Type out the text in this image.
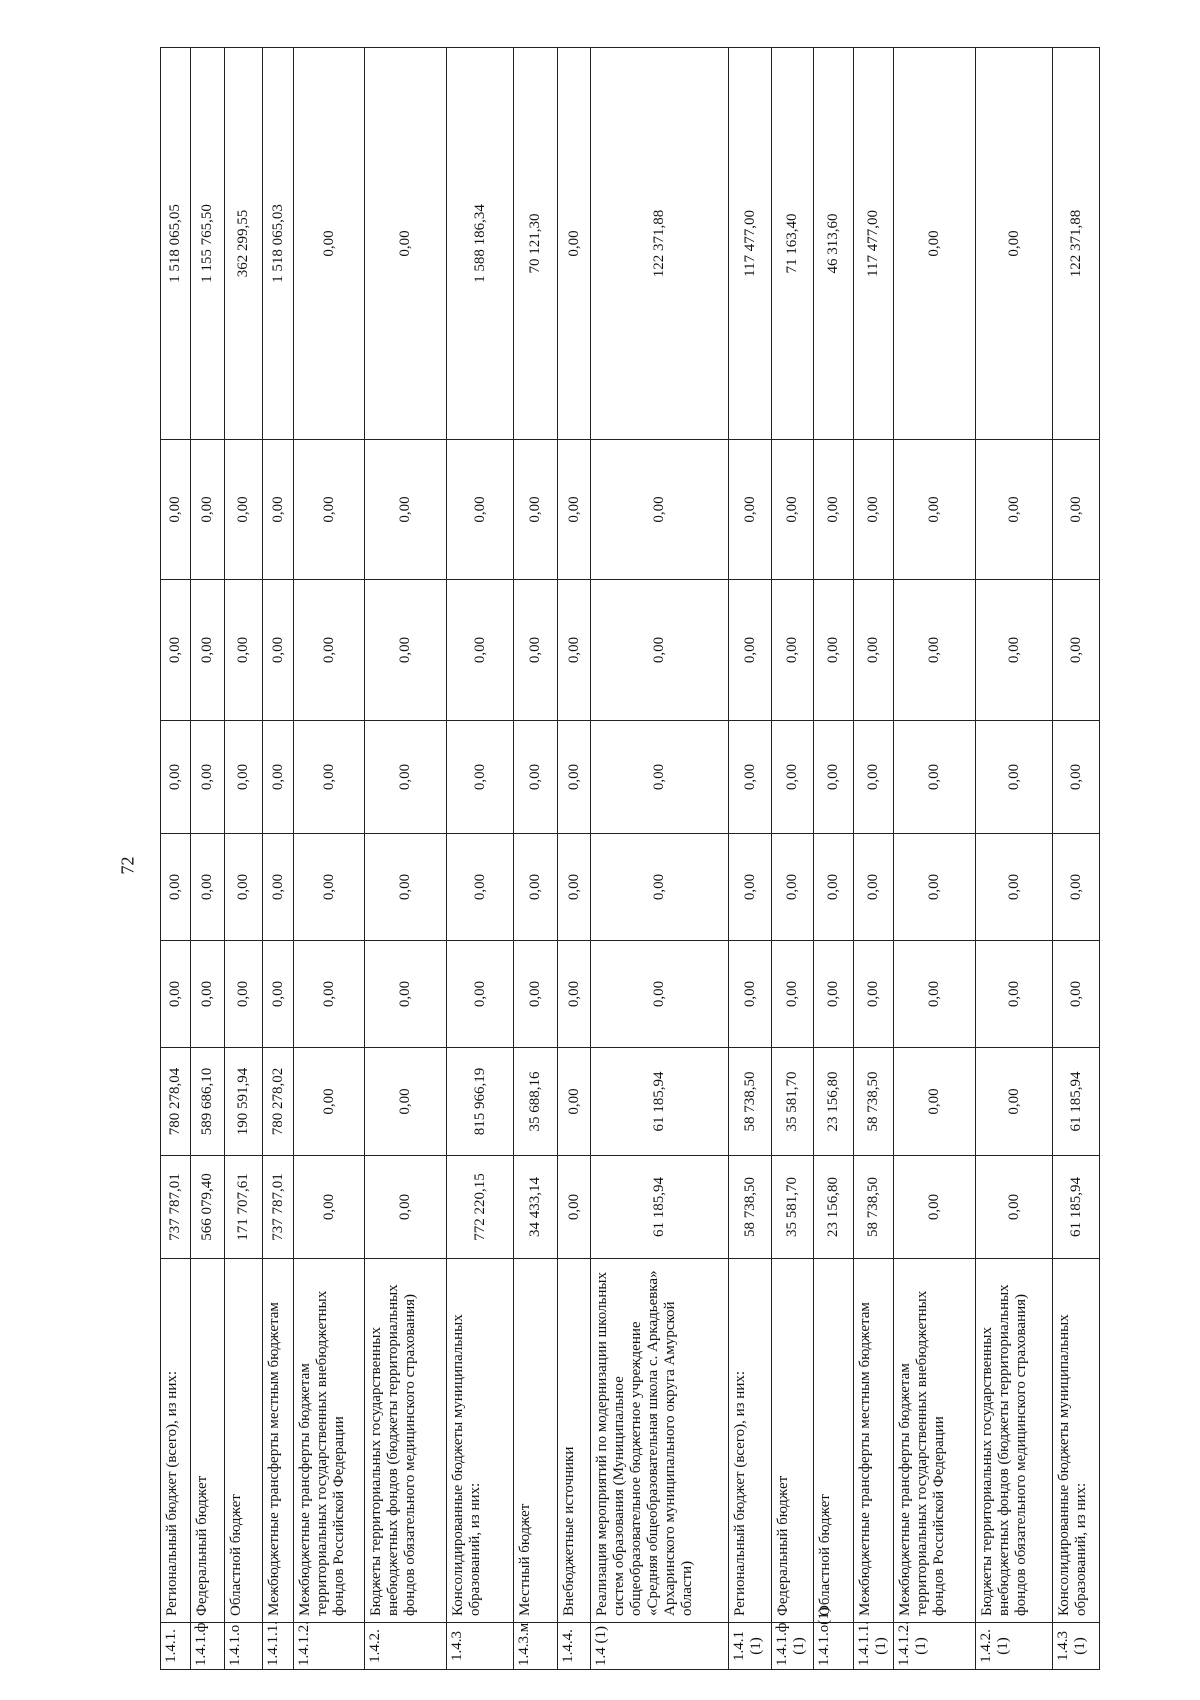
72
1.4.1.	Региональный бюджет (всего), из них:	737 787,01	780 278,04	0,00	0,00	0,00	0,00	0,00	1 518 065,05
1.4.1.ф	Федеральный бюджет	566 079,40	589 686,10	0,00	0,00	0,00	0,00	0,00	1 155 765,50
1.4.1.о	Областной бюджет	171 707,61	190 591,94	0,00	0,00	0,00	0,00	0,00	362 299,55
1.4.1.1.	Межбюджетные трансферты местным бюджетам	737 787,01	780 278,02	0,00	0,00	0,00	0,00	0,00	1 518 065,03
1.4.1.2.	Межбюджетные трансферты бюджетам территориальных государственных внебюджетных фондов Российской Федерации	0,00	0,00	0,00	0,00	0,00	0,00	0,00	0,00
1.4.2.	Бюджеты территориальных государственных внебюджетных фондов (бюджеты территориальных фондов обязательного медицинского страхования)	0,00	0,00	0,00	0,00	0,00	0,00	0,00	0,00
1.4.3	Консолидированные бюджеты муниципальных образований, из них:	772 220,15	815 966,19	0,00	0,00	0,00	0,00	0,00	1 588 186,34
1.4.3.м	Местный бюджет	34 433,14	35 688,16	0,00	0,00	0,00	0,00	0,00	70 121,30
1.4.4.	Внебюджетные источники	0,00	0,00	0,00	0,00	0,00	0,00	0,00	0,00
1.4 (1)	Реализация мероприятий по модернизации школьных систем образования (Муниципальное общеобразовательное бюджетное учреждение «Средняя общеобразовательная школа с. Аркадьевка» Архаринского муниципального округа Амурской области)	61 185,94	61 185,94	0,00	0,00	0,00	0,00	0,00	122 371,88
1.4.1 (1)	Региональный бюджет (всего), из них:	58 738,50	58 738,50	0,00	0,00	0,00	0,00	0,00	117 477,00
1.4.1.ф (1)	Федеральный бюджет	35 581,70	35 581,70	0,00	0,00	0,00	0,00	0,00	71 163,40
1.4.1.о(1)	Областной бюджет	23 156,80	23 156,80	0,00	0,00	0,00	0,00	0,00	46 313,60
1.4.1.1.(1)	Межбюджетные трансферты местным бюджетам	58 738,50	58 738,50	0,00	0,00	0,00	0,00	0,00	117 477,00
1.4.1.2.(1)	Межбюджетные трансферты бюджетам территориальных государственных внебюджетных фондов Российской Федерации	0,00	0,00	0,00	0,00	0,00	0,00	0,00	0,00
1.4.2.(1)	Бюджеты территориальных государственных внебюджетных фондов (бюджеты территориальных фондов обязательного медицинского страхования)	0,00	0,00	0,00	0,00	0,00	0,00	0,00	0,00
1.4.3 (1)	Консолидированные бюджеты муниципальных образований, из них:	61 185,94	61 185,94	0,00	0,00	0,00	0,00	0,00	122 371,88
